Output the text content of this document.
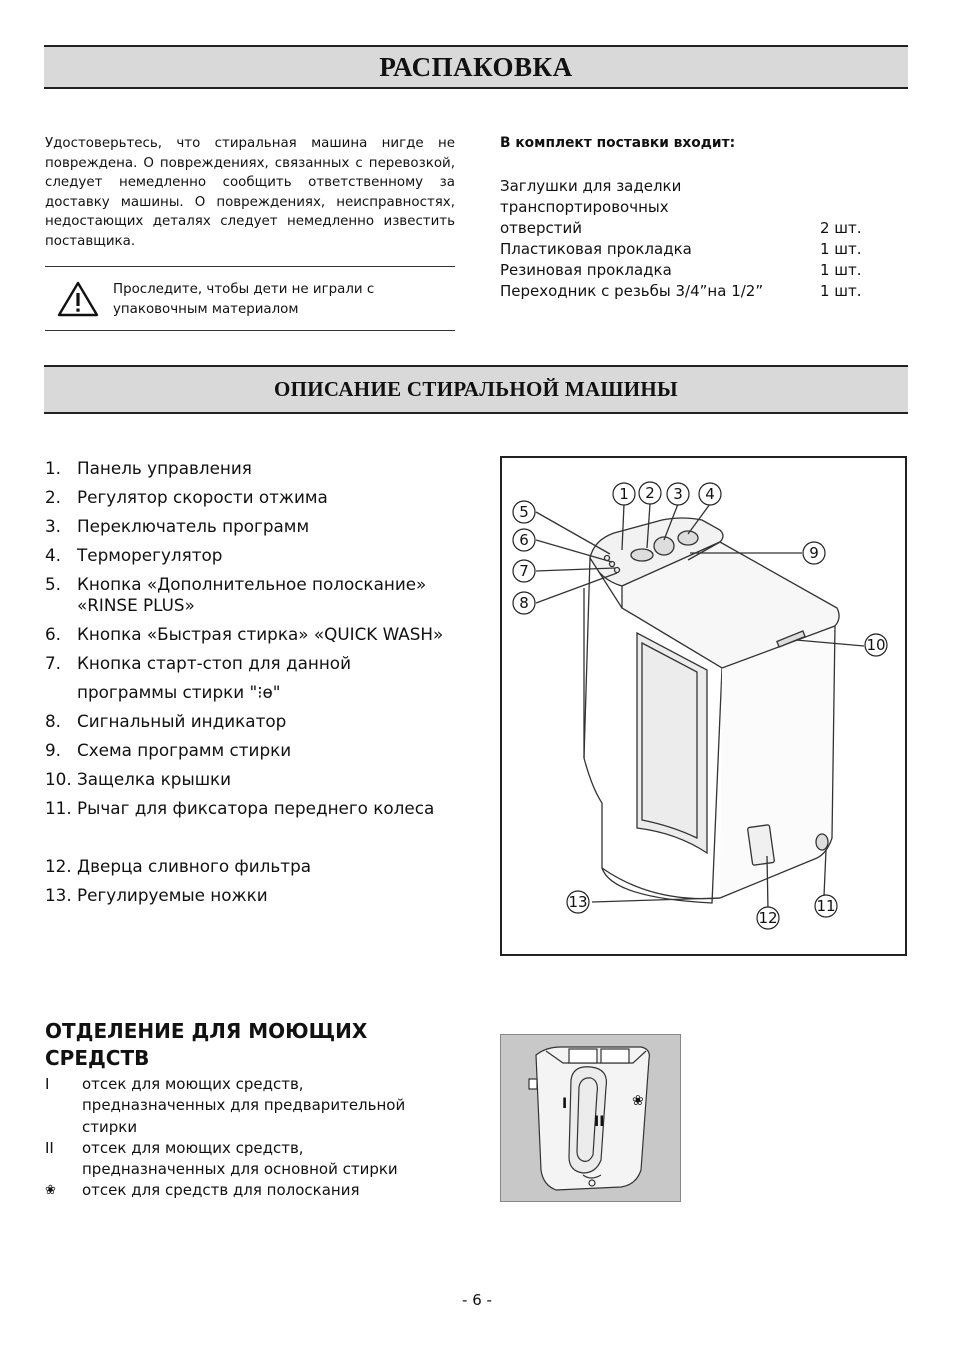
РАСПАКОВКА
Удостоверьтесь, что стиральная машина нигде не повреждена. О повреждениях, связанных с перевозкой, следует немедленно сообщить ответственному за доставку машины. О повреждениях, неисправностях, недостающих деталях следует немедленно известить поставщика.
Проследите, чтобы дети не играли с упаковочным материалом
В комплект поставки входит:
Заглушки для заделки транспортировочных
отверстий	2 шт.
Пластиковая прокладка	1 шт.
Резиновая прокладка	1 шт.
Переходник с резьбы 3/4”на 1/2”	1 шт.
ОПИСАНИЕ СТИРАЛЬНОЙ МАШИНЫ
1. Панель управления
2. Регулятор скорости отжима
3. Переключатель программ
4. Терморегулятор
5. Кнопка «Дополнительное полоскание» «RINSE PLUS»
6. Кнопка «Быстрая стирка» «QUICK WASH»
7. Кнопка старт-стоп для данной программы стирки "⁝ɵ"
8. Сигнальный индикатор
9. Схема программ стирки
10. Защелка крышки
11. Рычаг для фиксатора переднего колеса
12. Дверца сливного фильтра
13. Регулируемые ножки
1 2 3 4
5
6
7
8
9
10
11
12
13
ОТДЕЛЕНИЕ ДЛЯ МОЮЩИХ СРЕДСТВ
I	отсек для моющих средств, предназначенных для предварительной стирки
II	отсек для моющих средств, предназначенных для основной стирки
❀	отсек для средств для полоскания
I
II
❀
- 6 -
